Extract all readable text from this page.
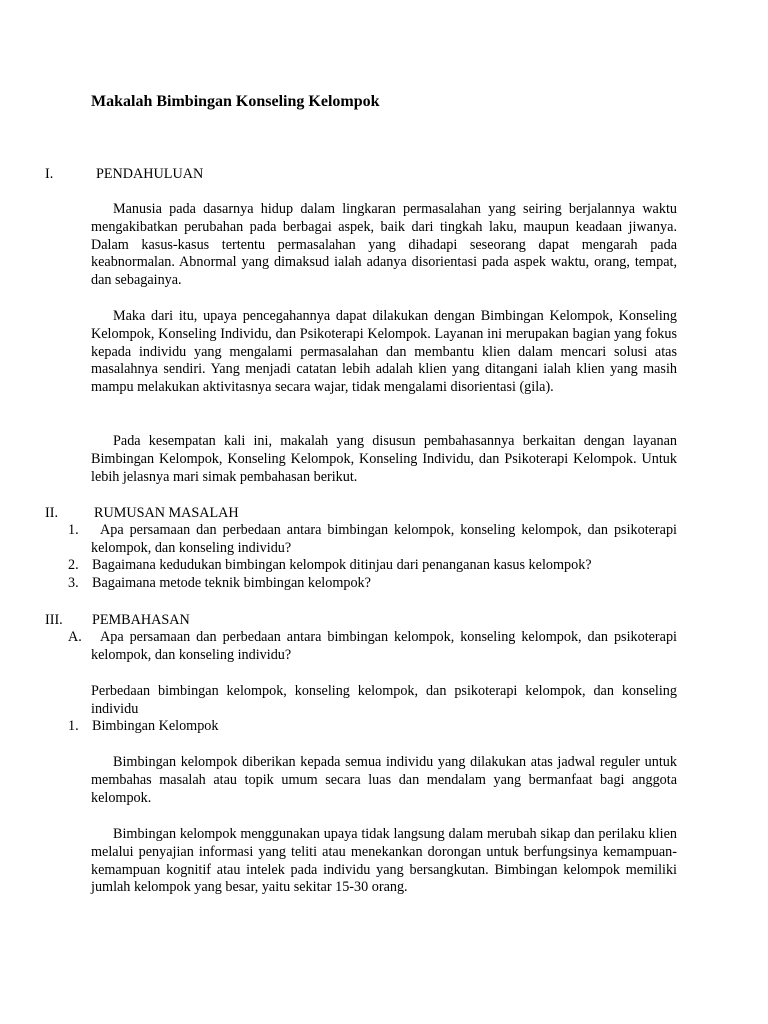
Makalah Bimbingan Konseling Kelompok
I.	PENDAHULUAN

Manusia pada dasarnya hidup dalam lingkaran permasalahan yang seiring berjalannya waktu mengakibatkan perubahan pada berbagai aspek, baik dari tingkah laku, maupun keadaan jiwanya. Dalam kasus-kasus tertentu permasalahan yang dihadapi seseorang dapat mengarah pada keabnormalan. Abnormal yang dimaksud ialah adanya disorientasi pada aspek waktu, orang, tempat, dan sebagainya.

Maka dari itu, upaya pencegahannya dapat dilakukan dengan Bimbingan Kelompok, Konseling Kelompok, Konseling Individu, dan Psikoterapi Kelompok. Layanan ini merupakan bagian yang fokus kepada individu yang mengalami permasalahan dan membantu klien dalam mencari solusi atas masalahnya sendiri. Yang menjadi catatan lebih adalah klien yang ditangani ialah klien yang masih mampu melakukan aktivitasnya secara wajar, tidak mengalami disorientasi (gila).

Pada kesempatan kali ini, makalah yang disusun pembahasannya berkaitan dengan layanan Bimbingan Kelompok, Konseling Kelompok, Konseling Individu, dan Psikoterapi Kelompok. Untuk lebih jelasnya mari simak pembahasan berikut.

II.	RUMUSAN MASALAH
1.	Apa persamaan dan perbedaan antara bimbingan kelompok, konseling kelompok, dan psikoterapi kelompok, dan konseling individu?
2. Bagaimana kedudukan bimbingan kelompok ditinjau dari penanganan kasus kelompok?
3. Bagaimana metode teknik bimbingan kelompok?
III. PEMBAHASAN
A.	Apa persamaan dan perbedaan antara bimbingan kelompok, konseling kelompok, dan psikoterapi kelompok, dan konseling individu?

Perbedaan bimbingan kelompok, konseling kelompok, dan psikoterapi kelompok, dan konseling individu

1. Bimbingan Kelompok

Bimbingan kelompok diberikan kepada semua individu yang dilakukan atas jadwal reguler untuk membahas masalah atau topik umum secara luas dan mendalam yang bermanfaat bagi anggota kelompok.

Bimbingan kelompok menggunakan upaya tidak langsung dalam merubah sikap dan perilaku klien melalui penyajian informasi yang teliti atau menekankan dorongan untuk berfungsinya kemampuan-kemampuan kognitif atau intelek pada individu yang bersangkutan. Bimbingan kelompok memiliki jumlah kelompok yang besar, yaitu sekitar 15-30 orang.
